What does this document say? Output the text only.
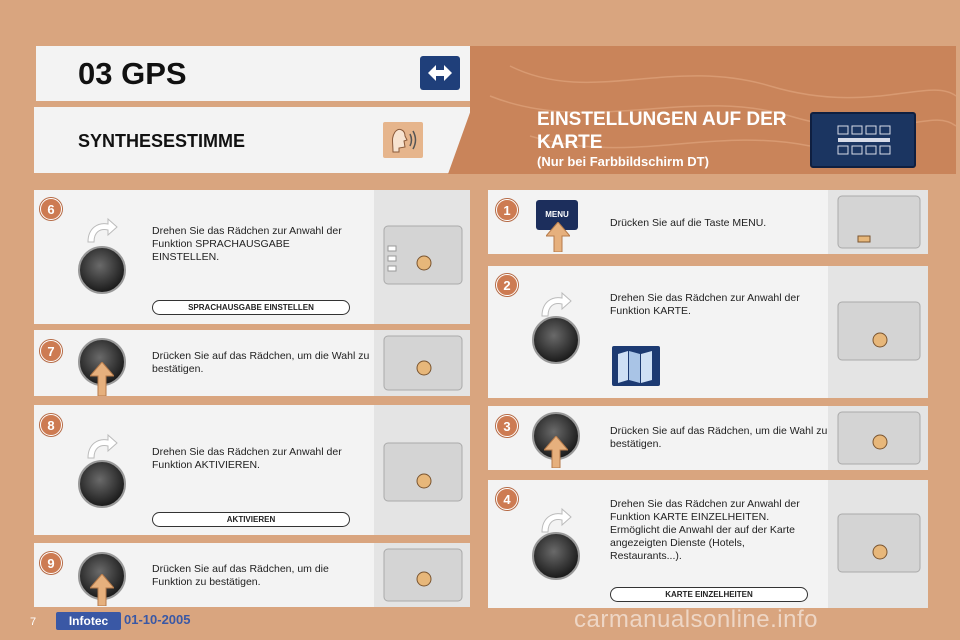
03 GPS
SYNTHESESTIMME
EINSTELLUNGEN AUF DER KARTE
(Nur bei Farbbildschirm DT)
6
Drehen Sie das Rädchen zur Anwahl der Funktion SPRACHAUSGABE EINSTELLEN.
SPRACHAUSGABE EINSTELLEN
7	Drücken Sie auf das Rädchen, um die Wahl zu bestätigen.
8
Drehen Sie das Rädchen zur Anwahl der Funktion AKTIVIEREN.
AKTIVIEREN
9	Drücken Sie auf das Rädchen, um die Funktion zu bestätigen.
1	MENU
Drücken Sie auf die Taste MENU.
2
Drehen Sie das Rädchen zur Anwahl der Funktion KARTE.
3	Drücken Sie auf das Rädchen, um die Wahl zu bestätigen.
4	Drehen Sie das Rädchen zur Anwahl der Funktion KARTE EINZELHEITEN. Ermöglicht die Anwahl der auf der Karte angezeigten Dienste (Hotels, Restaurants...).
KARTE EINZELHEITEN
7	Infotec	01-10-2005	carmanualsonline.info
